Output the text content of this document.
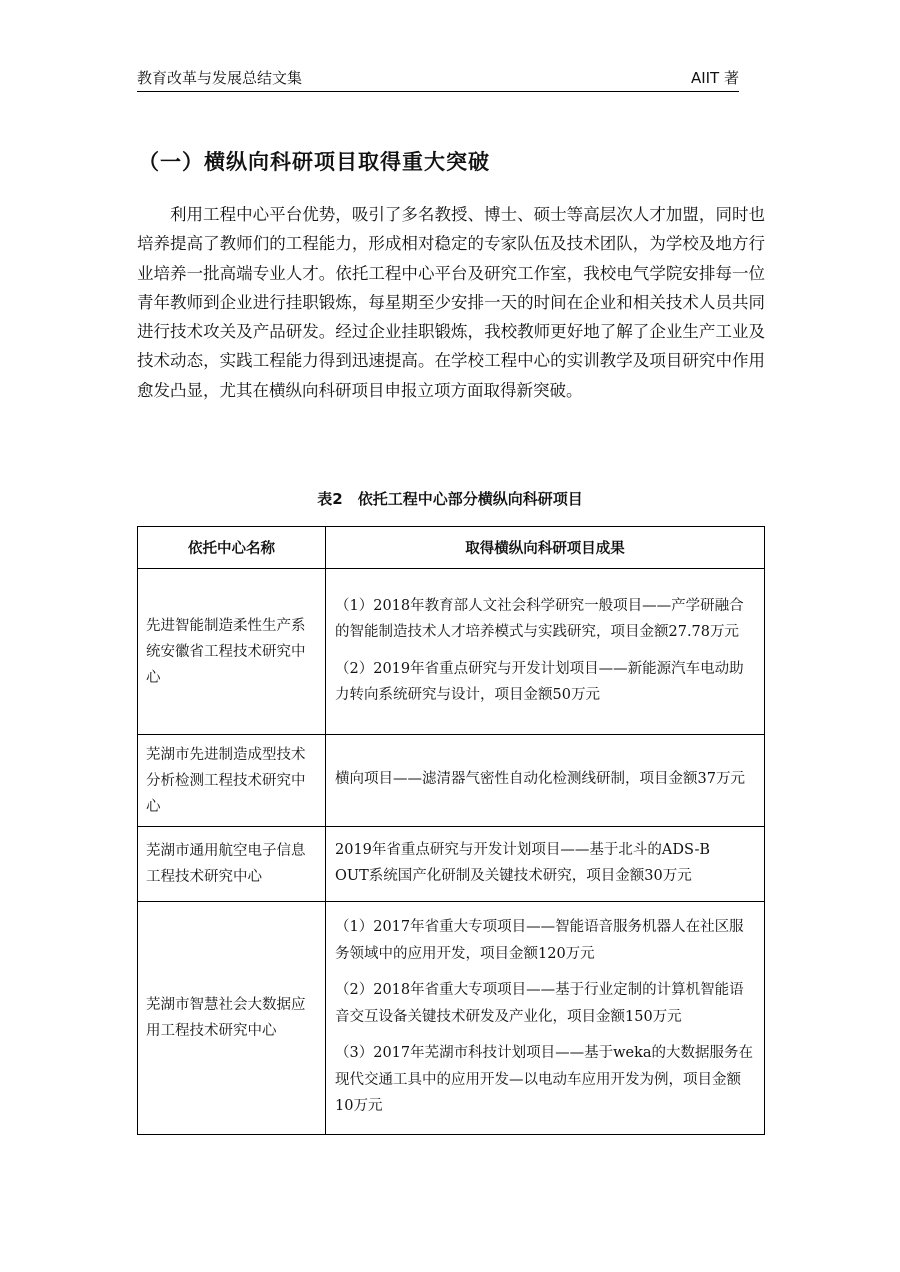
教育改革与发展总结文集	AIIT 著
（一）横纵向科研项目取得重大突破

利用工程中心平台优势，吸引了多名教授、博士、硕士等高层次人才加盟，同时也培养提高了教师们的工程能力，形成相对稳定的专家队伍及技术团队，为学校及地方行业培养一批高端专业人才。依托工程中心平台及研究工作室，我校电气学院安排每一位青年教师到企业进行挂职锻炼，每星期至少安排一天的时间在企业和相关技术人员共同进行技术攻关及产品研发。经过企业挂职锻炼，我校教师更好地了解了企业生产工业及技术动态，实践工程能力得到迅速提高。在学校工程中心的实训教学及项目研究中作用愈发凸显，尤其在横纵向科研项目申报立项方面取得新突破。

表2　依托工程中心部分横纵向科研项目
依托中心名称	取得横纵向科研项目成果
先进智能制造柔性生产系统安徽省工程技术研究中心	（1）2018年教育部人文社会科学研究一般项目——产学研融合的智能制造技术人才培养模式与实践研究，项目金额27.78万元

（2）2019年省重点研究与开发计划项目——新能源汽车电动助力转向系统研究与设计，项目金额50万元

芜湖市先进制造成型技术分析检测工程技术研究中心	横向项目——滤清器气密性自动化检测线研制，项目金额37万元

芜湖市通用航空电子信息工程技术研究中心	2019年省重点研究与开发计划项目——基于北斗的ADS-B　OUT系统国产化研制及关键技术研究，项目金额30万元

芜湖市智慧社会大数据应用工程技术研究中心	（1）2017年省重大专项项目——智能语音服务机器人在社区服务领域中的应用开发，项目金额120万元

（2）2018年省重大专项项目——基于行业定制的计算机智能语音交互设备关键技术研发及产业化，项目金额150万元

（3）2017年芜湖市科技计划项目——基于weka的大数据服务在现代交通工具中的应用开发—以电动车应用开发为例，项目金额10万元
